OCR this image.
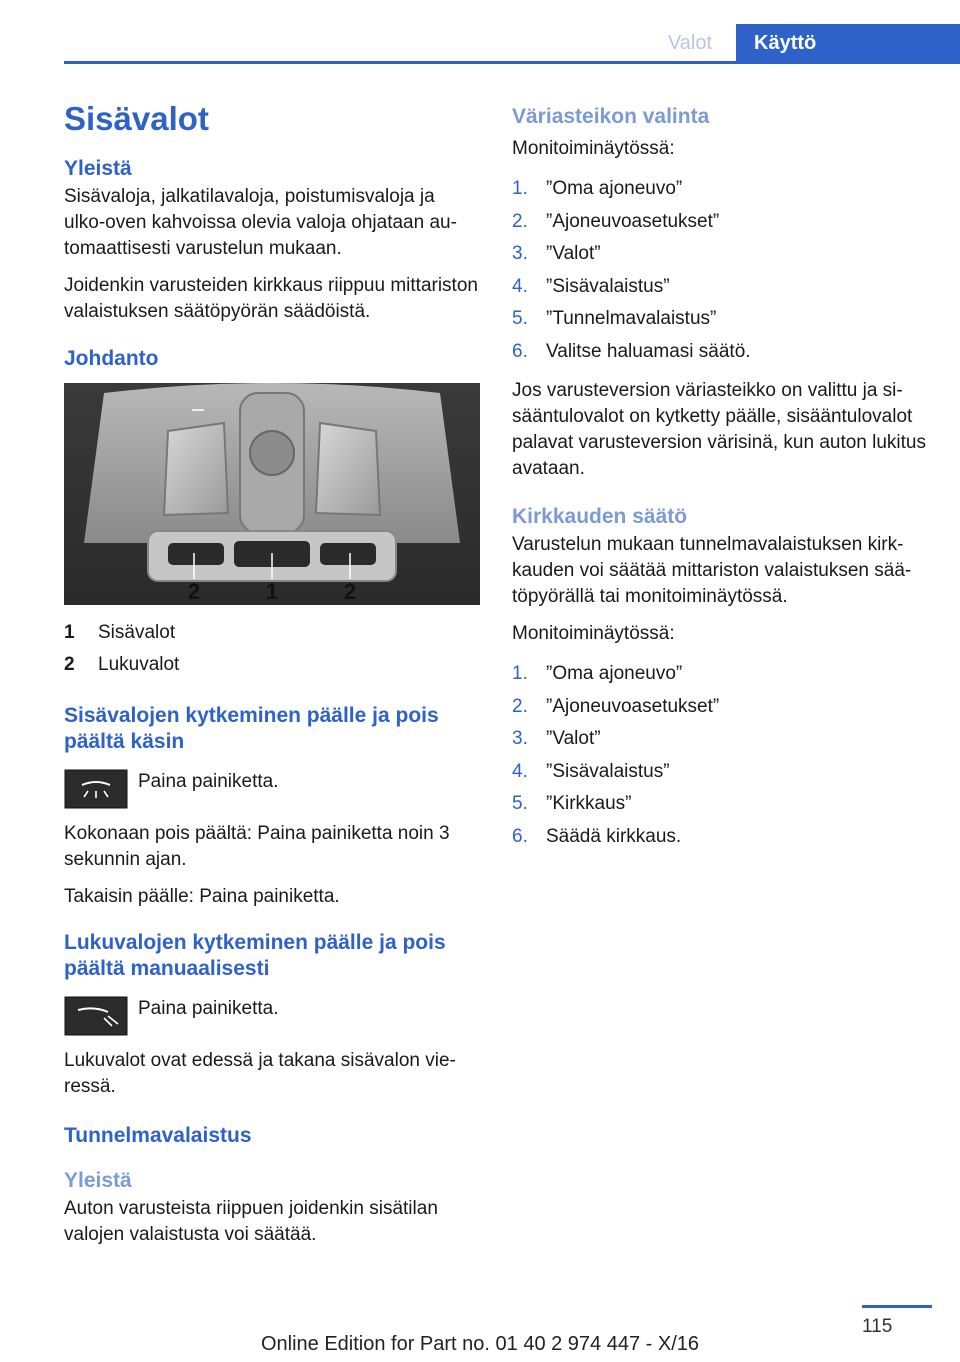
Valot	Käyttö
Sisävalot
Yleistä

Sisävaloja, jalkatilavaloja, poistumisvaloja ja ulko-oven kahvoissa olevia valoja ohjataan automaattisesti varustelun mukaan.

Joidenkin varusteiden kirkkaus riippuu mittariston valaistuksen säätöpyörän säädöistä.

Johdanto
2	1	2
1	Sisävalot
2	Lukuvalot
Sisävalojen kytkeminen päälle ja pois päältä käsin
Paina painiketta.

Kokonaan pois päältä: Paina painiketta noin 3 sekunnin ajan.

Takaisin päälle: Paina painiketta.

Lukuvalojen kytkeminen päälle ja pois päältä manuaalisesti
Paina painiketta.

Lukuvalot ovat edessä ja takana sisävalon vieressä.

Tunnelmavalaistus
Yleistä

Auton varusteista riippuen joidenkin sisätilan valojen valaistusta voi säätää.

Väriasteikon valinta

Monitoiminäytössä:

1. ”Oma ajoneuvo”
2. ”Ajoneuvoasetukset”
3. ”Valot”
4. ”Sisävalaistus”
5. ”Tunnelmavalaistus”
6. Valitse haluamasi säätö.

Jos varusteversion väriasteikko on valittu ja sisääntulovalot on kytketty päälle, sisääntulovalot palavat varusteversion värisinä, kun auton lukitus avataan.

Kirkkauden säätö

Varustelun mukaan tunnelmavalaistuksen kirkkauden voi säätää mittariston valaistuksen säätöpyörällä tai monitoiminäytössä.

Monitoiminäytössä:

1. ”Oma ajoneuvo”
2. ”Ajoneuvoasetukset”
3. ”Valot”
4. ”Sisävalaistus”
5. ”Kirkkaus”
6. Säädä kirkkaus.
115
Online Edition for Part no. 01 40 2 974 447 - X/16
